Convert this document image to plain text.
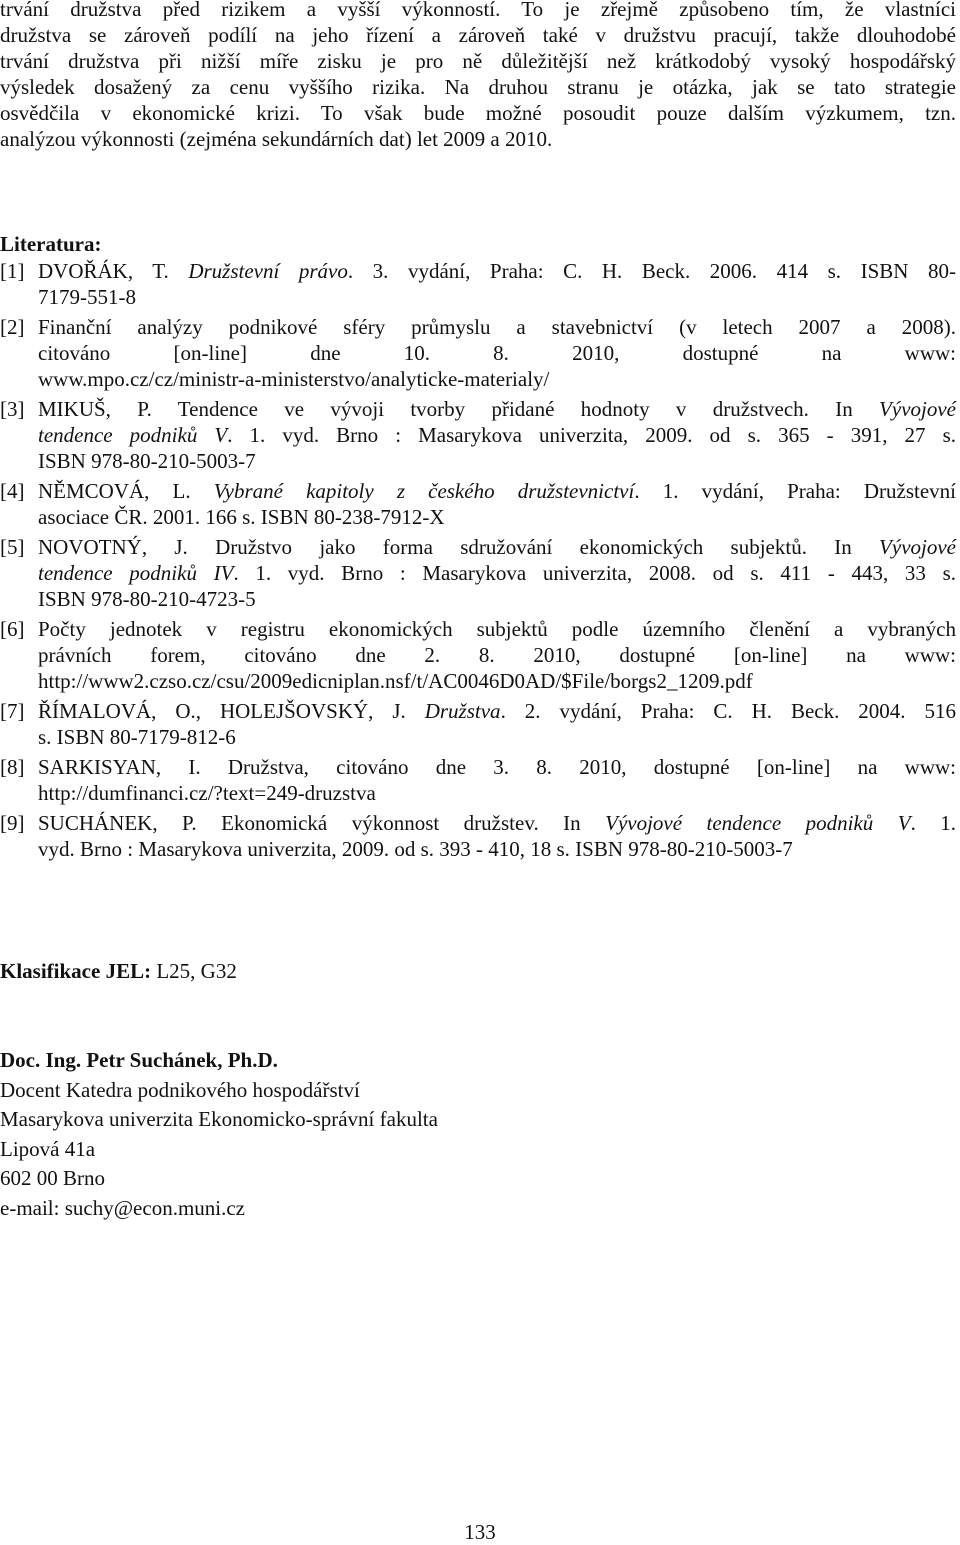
trvání družstva před rizikem a vyšší výkonností. To je zřejmě způsobeno tím, že vlastníci
družstva se zároveň podílí na jeho řízení a zároveň také v družstvu pracují, takže dlouhodobé
trvání družstva při nižší míře zisku je pro ně důležitější než krátkodobý vysoký hospodářský
výsledek dosažený za cenu vyššího rizika. Na druhou stranu je otázka, jak se tato strategie
osvědčila v ekonomické krizi. To však bude možné posoudit pouze dalším výzkumem, tzn.
analýzou výkonnosti (zejména sekundárních dat) let 2009 a 2010.
Literatura:
[1] DVOŘÁK, T. Družstevní právo. 3. vydání, Praha: C. H. Beck. 2006. 414 s. ISBN 80-
7179-551-8
[2] Finanční analýzy podnikové sféry průmyslu a stavebnictví (v letech 2007 a 2008).
citováno [on-line] dne 10. 8. 2010, dostupné na www:
www.mpo.cz/cz/ministr-a-ministerstvo/analyticke-materialy/
[3] MIKUŠ, P. Tendence ve vývoji tvorby přidané hodnoty v družstvech. In Vývojové
tendence podniků V. 1. vyd. Brno : Masarykova univerzita, 2009. od s. 365 - 391, 27 s.
ISBN 978-80-210-5003-7
[4] NĚMCOVÁ, L. Vybrané kapitoly z českého družstevnictví. 1. vydání, Praha: Družstevní
asociace ČR. 2001. 166 s. ISBN 80-238-7912-X
[5] NOVOTNÝ, J. Družstvo jako forma sdružování ekonomických subjektů. In Vývojové
tendence podniků IV. 1. vyd. Brno : Masarykova univerzita, 2008. od s. 411 - 443, 33 s.
ISBN 978-80-210-4723-5
[6] Počty jednotek v registru ekonomických subjektů podle územního členění a vybraných
právních forem, citováno dne 2. 8. 2010, dostupné [on-line] na www:
http://www2.czso.cz/csu/2009edicniplan.nsf/t/AC0046D0AD/$File/borgs2_1209.pdf
[7] ŘÍMALOVÁ, O., HOLEJŠOVSKÝ, J. Družstva. 2. vydání, Praha: C. H. Beck. 2004. 516
s. ISBN 80-7179-812-6
[8] SARKISYAN, I. Družstva, citováno dne 3. 8. 2010, dostupné [on-line] na www:
http://dumfinanci.cz/?text=249-druzstva
[9] SUCHÁNEK, P. Ekonomická výkonnost družstev. In Vývojové tendence podniků V. 1.
vyd. Brno : Masarykova univerzita, 2009. od s. 393 - 410, 18 s. ISBN 978-80-210-5003-7
Klasifikace JEL: L25, G32
Doc. Ing. Petr Suchánek, Ph.D.
Docent Katedra podnikového hospodářství
Masarykova univerzita Ekonomicko-správní fakulta
Lipová 41a
602 00 Brno
e-mail: suchy@econ.muni.cz
133
